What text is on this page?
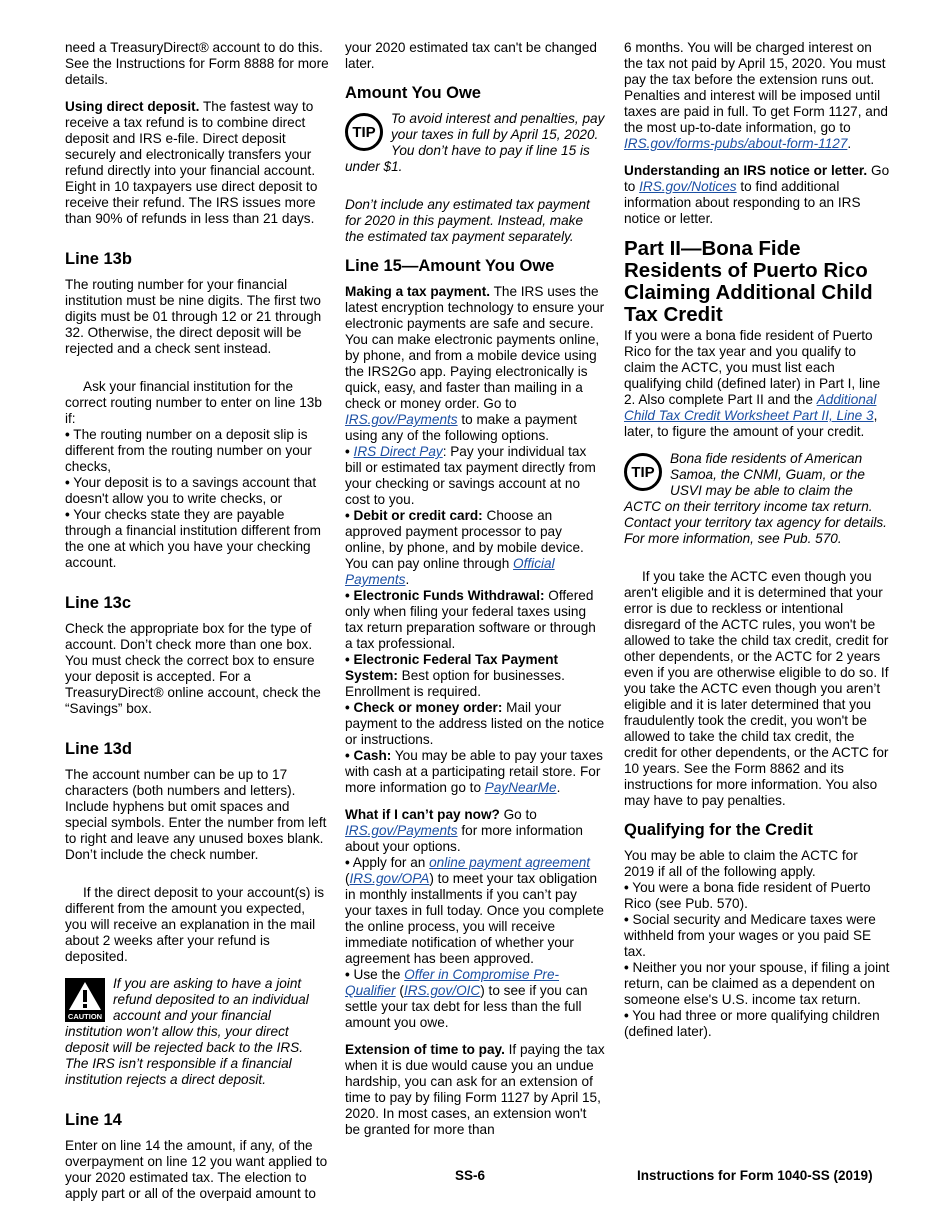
need a TreasuryDirect® account to do this. See the Instructions for Form 8888 for more details.

Using direct deposit. The fastest way to receive a tax refund is to combine direct deposit and IRS e-file. Direct deposit securely and electronically transfers your refund directly into your financial account. Eight in 10 taxpayers use direct deposit to receive their refund. The IRS issues more than 90% of refunds in less than 21 days.

Line 13b

The routing number for your financial institution must be nine digits. The first two digits must be 01 through 12 or 21 through 32. Otherwise, the direct deposit will be rejected and a check sent instead.

Ask your financial institution for the correct routing number to enter on line 13b if:

• The routing number on a deposit slip is different from the routing number on your checks,

• Your deposit is to a savings account that doesn't allow you to write checks, or

• Your checks state they are payable through a financial institution different from the one at which you have your checking account.

Line 13c

Check the appropriate box for the type of account. Don’t check more than one box. You must check the correct box to ensure your deposit is accepted. For a TreasuryDirect® online account, check the “Savings” box.

Line 13d

The account number can be up to 17 characters (both numbers and letters). Include hyphens but omit spaces and special symbols. Enter the number from left to right and leave any unused boxes blank. Don’t include the check number.

If the direct deposit to your account(s) is different from the amount you expected, you will receive an explanation in the mail about 2 weeks after your refund is deposited.

CAUTION

If you are asking to have a joint refund deposited to an individual account and your financial institution won’t allow this, your direct deposit will be rejected back to the IRS. The IRS isn’t responsible if a financial institution rejects a direct deposit.

Line 14

Enter on line 14 the amount, if any, of the overpayment on line 12 you want applied to your 2020 estimated tax. The election to apply part or all of the overpaid amount to

your 2020 estimated tax can't be changed later.

Amount You Owe
TIP

To avoid interest and penalties, pay your taxes in full by April 15, 2020. You don’t have to pay if line 15 is under $1.

Don’t include any estimated tax payment for 2020 in this payment. Instead, make the estimated tax payment separately.

Line 15—Amount You Owe

Making a tax payment. The IRS uses the latest encryption technology to ensure your electronic payments are safe and secure. You can make electronic payments online, by phone, and from a mobile device using the IRS2Go app. Paying electronically is quick, easy, and faster than mailing in a check or money order. Go to IRS.gov/Payments to make a payment using any of the following options.

• IRS Direct Pay: Pay your individual tax bill or estimated tax payment directly from your checking or savings account at no cost to you.

• Debit or credit card: Choose an approved payment processor to pay online, by phone, and by mobile device. You can pay online through Official Payments.

• Electronic Funds Withdrawal: Offered only when filing your federal taxes using tax return preparation software or through a tax professional.

• Electronic Federal Tax Payment System: Best option for businesses. Enrollment is required.

• Check or money order: Mail your payment to the address listed on the notice or instructions.

• Cash: You may be able to pay your taxes with cash at a participating retail store. For more information go to PayNearMe.

What if I can’t pay now? Go to IRS.gov/Payments for more information about your options.

• Apply for an online payment agreement (IRS.gov/OPA) to meet your tax obligation in monthly installments if you can’t pay your taxes in full today. Once you complete the online process, you will receive immediate notification of whether your agreement has been approved.

• Use the Offer in Compromise Pre-Qualifier (IRS.gov/OIC) to see if you can settle your tax debt for less than the full amount you owe.

Extension of time to pay. If paying the tax when it is due would cause you an undue hardship, you can ask for an extension of time to pay by filing Form 1127 by April 15, 2020. In most cases, an extension won't be granted for more than

6 months. You will be charged interest on the tax not paid by April 15, 2020. You must pay the tax before the extension runs out. Penalties and interest will be imposed until taxes are paid in full. To get Form 1127, and the most up-to-date information, go to IRS.gov/forms-pubs/about-form-1127.

Understanding an IRS notice or letter. Go to IRS.gov/Notices to find additional information about responding to an IRS notice or letter.

Part II—Bona Fide Residents of Puerto Rico Claiming Additional Child Tax Credit

If you were a bona fide resident of Puerto Rico for the tax year and you qualify to claim the ACTC, you must list each qualifying child (defined later) in Part I, line 2. Also complete Part II and the Additional Child Tax Credit Worksheet Part II, Line 3, later, to figure the amount of your credit.

TIP

Bona fide residents of American Samoa, the CNMI, Guam, or the USVI may be able to claim the ACTC on their territory income tax return. Contact your territory tax agency for details. For more information, see Pub. 570.

If you take the ACTC even though you aren't eligible and it is determined that your error is due to reckless or intentional disregard of the ACTC rules, you won't be allowed to take the child tax credit, credit for other dependents, or the ACTC for 2 years even if you are otherwise eligible to do so. If you take the ACTC even though you aren’t eligible and it is later determined that you fraudulently took the credit, you won't be allowed to take the child tax credit, the credit for other dependents, or the ACTC for 10 years. See the Form 8862 and its instructions for more information. You also may have to pay penalties.

Qualifying for the Credit

You may be able to claim the ACTC for 2019 if all of the following apply.

• You were a bona fide resident of Puerto Rico (see Pub. 570).

• Social security and Medicare taxes were withheld from your wages or you paid SE tax.

• Neither you nor your spouse, if filing a joint return, can be claimed as a dependent on someone else's U.S. income tax return.

• You had three or more qualifying children (defined later).

SS-6	Instructions for Form 1040-SS (2019)
